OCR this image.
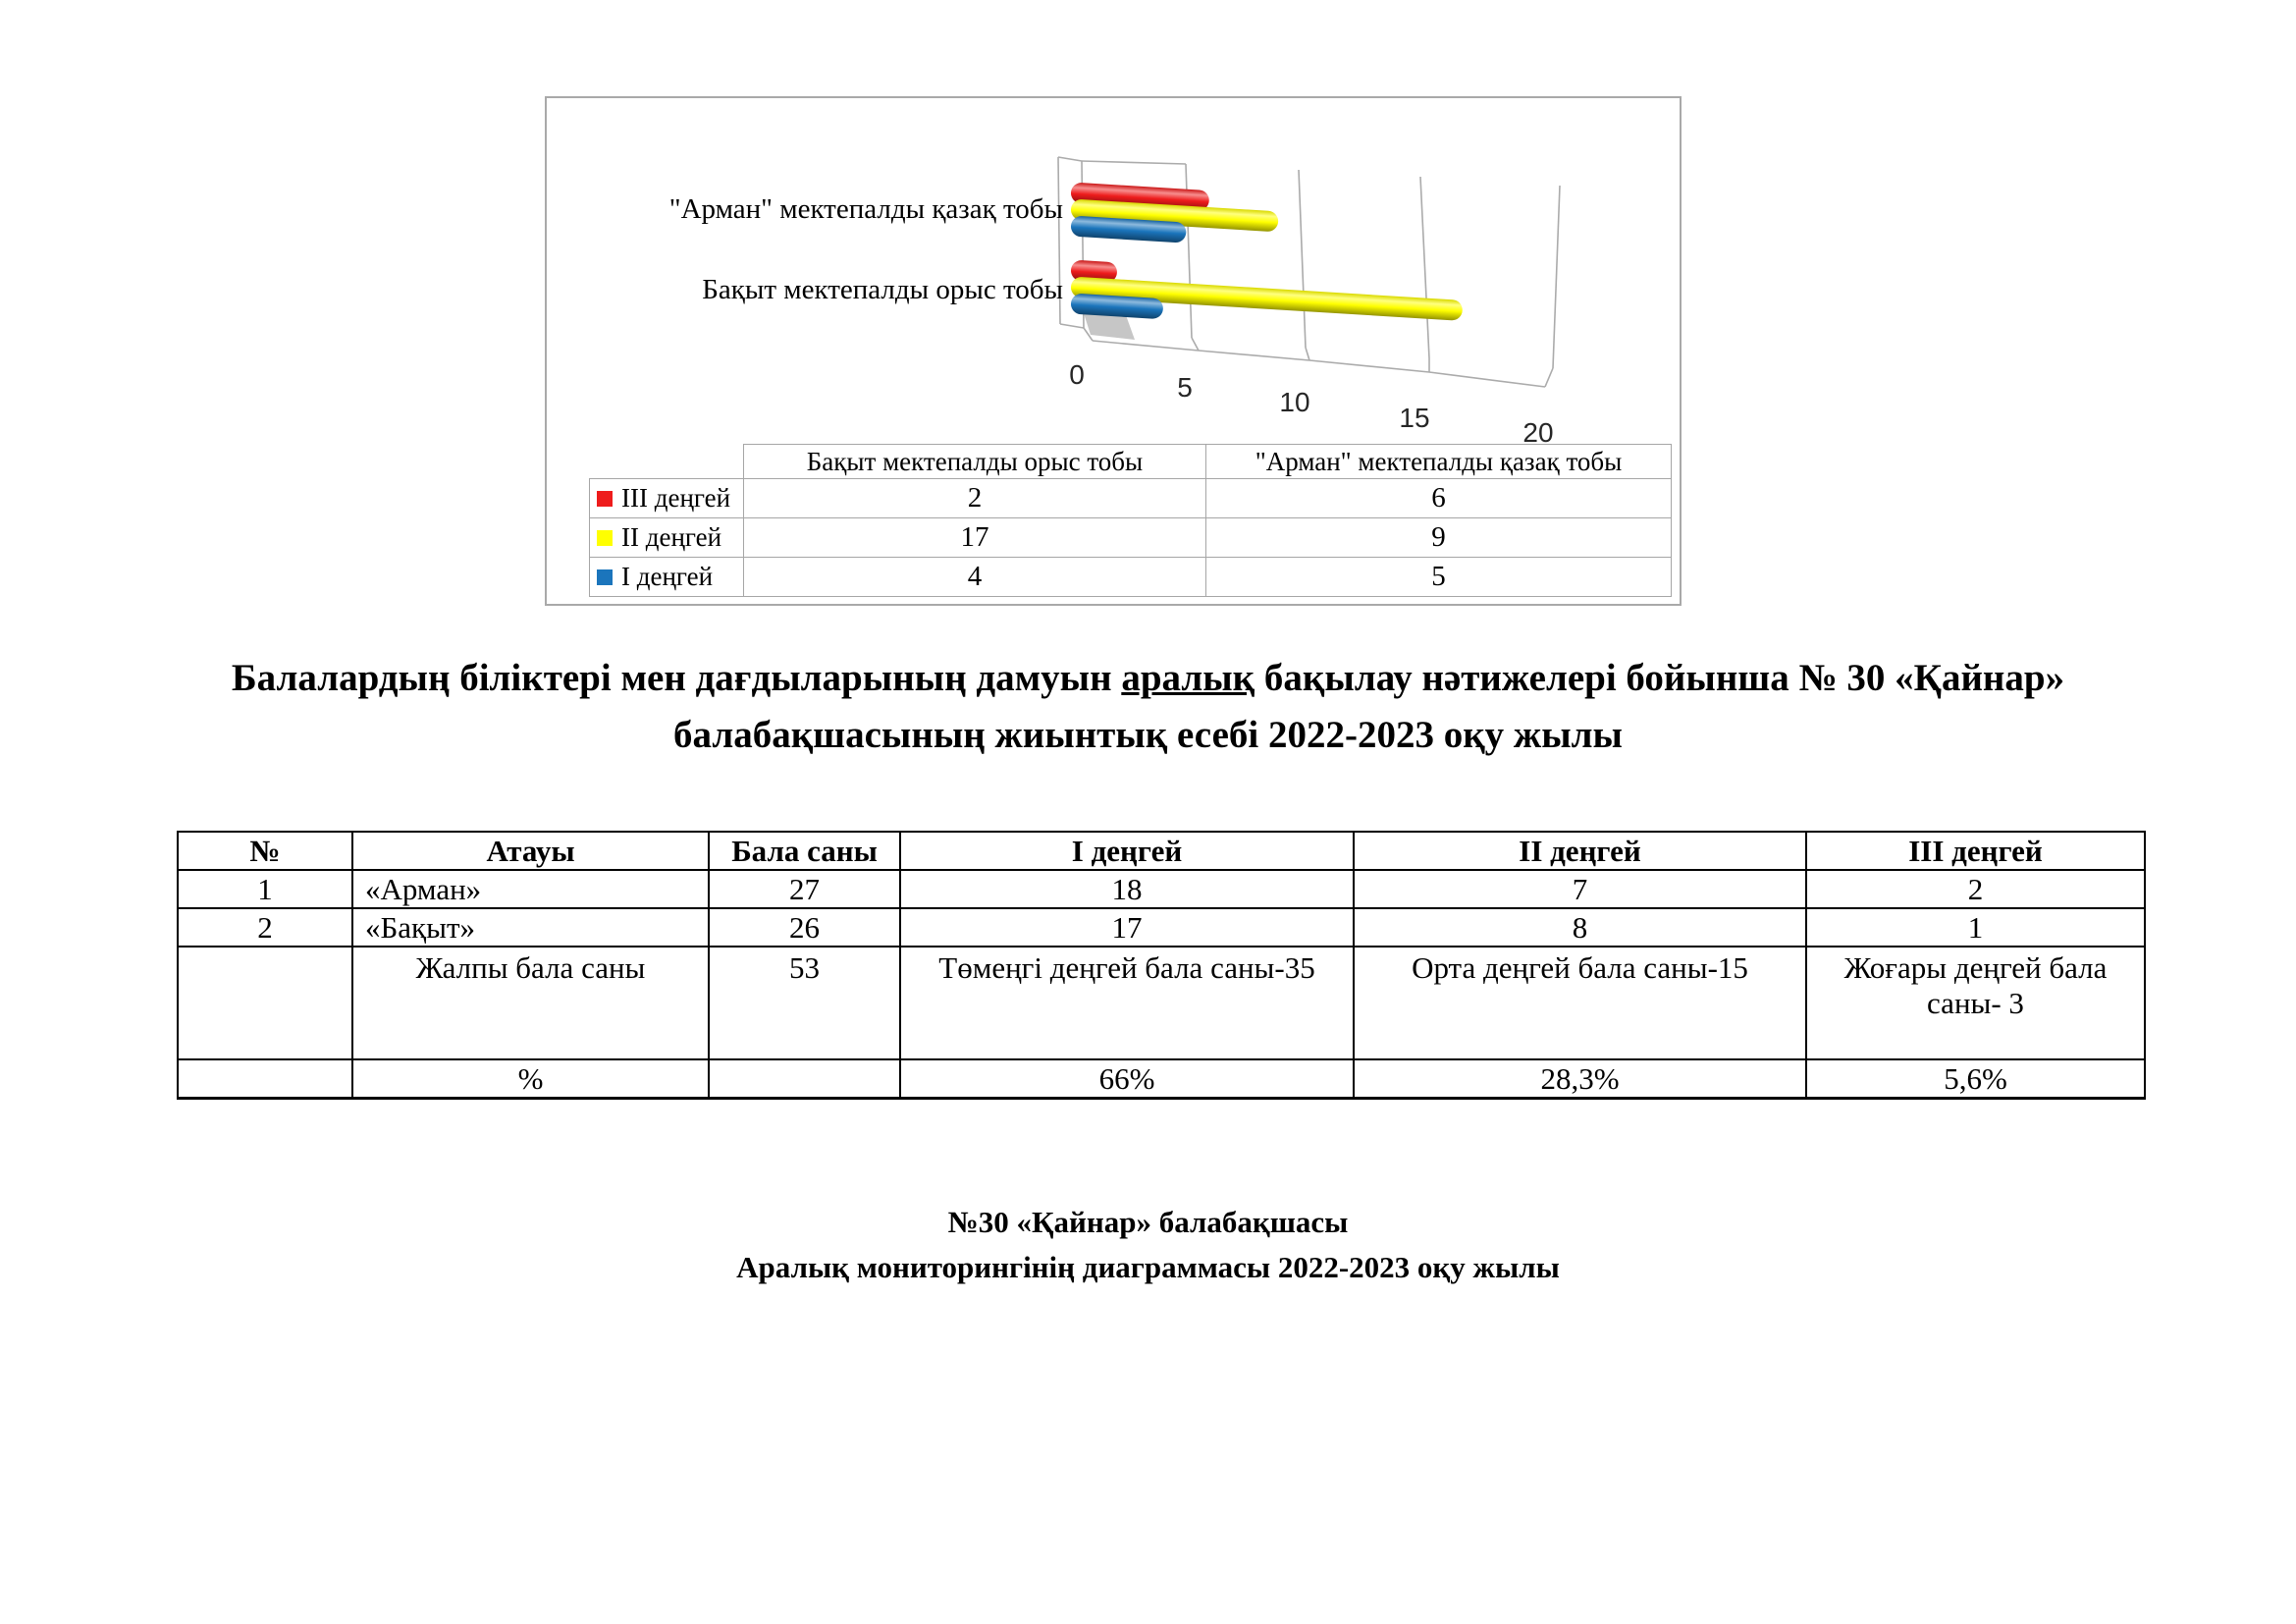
0	5	10
15	20
"Арман" мектепалды қазақ тобы
Бақыт мектепалды орыс тобы
	Бақыт мектепалды орыс тобы	"Арман" мектепалды қазақ тобы

III деңгей	2	6

II деңгей	17	9

I деңгей	4	5
Балалардың біліктері мен дағдыларының дамуын аралық бақылау нәтижелері бойынша № 30 «Қайнар»
балабақшасының жиынтық есебі 2022-2023 оқу жылы
№	Атауы	Бала саны	I деңгей	II деңгей	III деңгей
1	«Арман»	27	18	7	2
2	«Бақыт»	26	17	8	1
	Жалпы бала саны	53	Төмеңгі деңгей бала саны-35	Орта деңгей бала саны-15	Жоғары деңгей бала саны- 3
	%		66%	28,3%	5,6%
№30 «Қайнар» балабақшасы
Аралық мониторингінің диаграммасы 2022-2023 оқу жылы
